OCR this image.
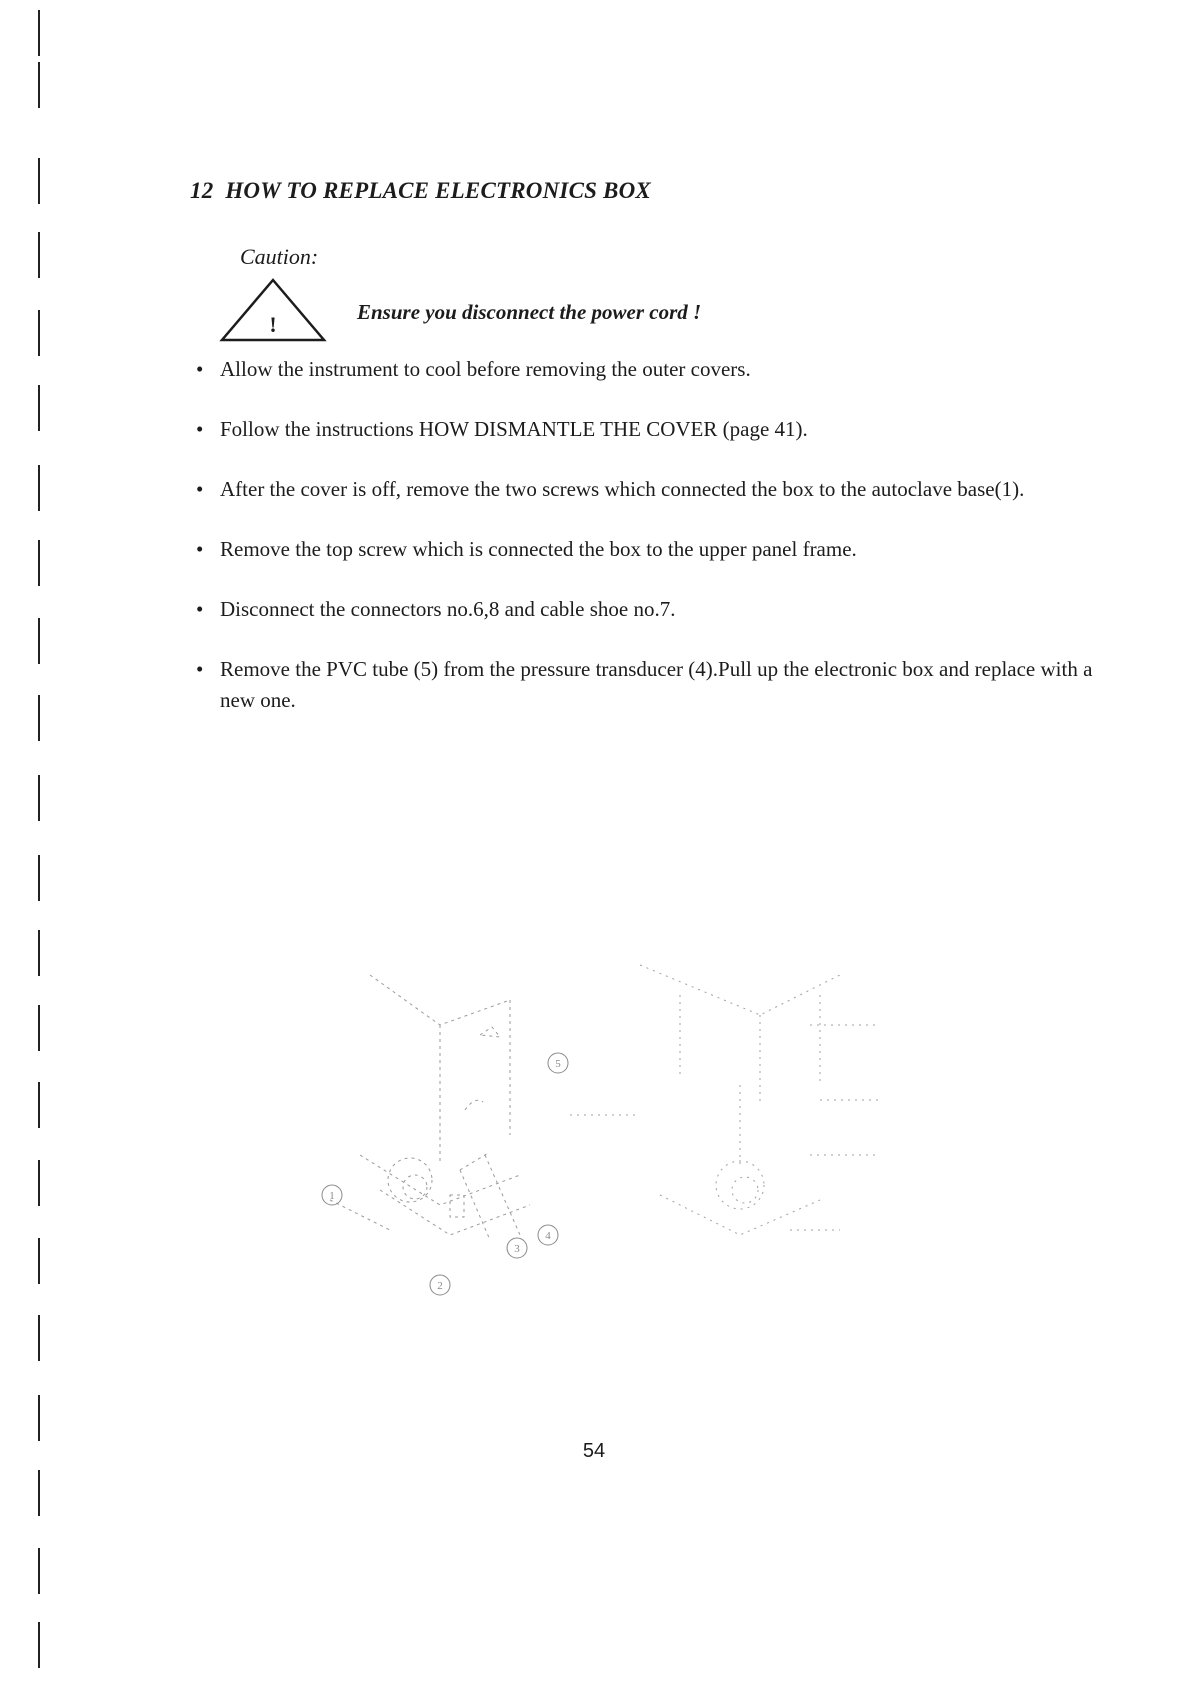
12 HOW TO REPLACE ELECTRONICS BOX
Caution:
!	Ensure you disconnect the power cord !
• Allow the instrument to cool before removing the outer covers.
• Follow the instructions HOW DISMANTLE THE COVER (page 41).
• After the cover is off, remove the two screws which connected the box to the autoclave base(1).
• Remove the top screw which is connected the box to the upper panel frame.
• Disconnect the connectors no.6,8 and cable shoe no.7.
• Remove the PVC tube (5) from the pressure transducer (4).Pull up the electronic box and replace with a new one.
5
1
3
2
4
54
